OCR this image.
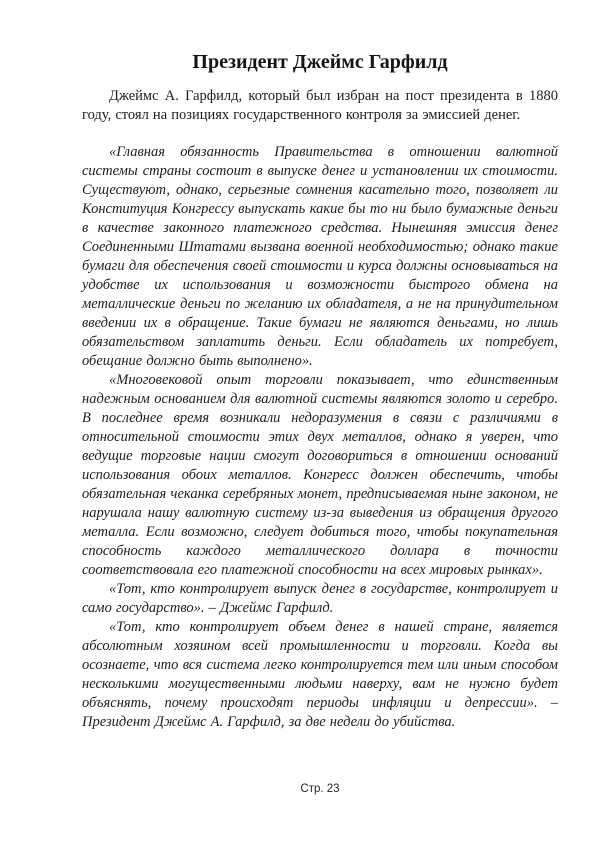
Президент Джеймс Гарфилд

Джеймс А. Гарфилд, который был избран на пост президента в 1880 году, стоял на позициях государственного контроля за эмиссией денег.

«Главная обязанность Правительства в отношении валютной системы страны состоит в выпуске денег и установлении их стоимости. Существуют, однако, серьезные сомнения касательно того, позволяет ли Конституция Конгрессу выпускать какие бы то ни было бумажные деньги в качестве законного платежного средства. Нынешняя эмиссия денег Соединенными Штатами вызвана военной необходимостью; однако такие бумаги для обеспечения своей стоимости и курса должны основываться на удобстве их использования и возможности быстрого обмена на металлические деньги по желанию их обладателя, а не на принудительном введении их в обращение. Такие бумаги не являются деньгами, но лишь обязательством заплатить деньги. Если обладатель их потребует, обещание должно быть выполнено».

«Многовековой опыт торговли показывает, что единственным надежным основанием для валютной системы являются золото и серебро. В последнее время возникали недоразумения в связи с различиями в относительной стоимости этих двух металлов, однако я уверен, что ведущие торговые нации смогут договориться в отношении оснований использования обоих металлов. Конгресс должен обеспечить, чтобы обязательная чеканка серебряных монет, предписываемая ныне законом, не нарушала нашу валютную систему из-за выведения из обращения другого металла. Если возможно, следует добиться того, чтобы покупательная способность каждого металлического доллара в точности соответствовала его платежной способности на всех мировых рынках».

«Тот, кто контролирует выпуск денег в государстве, контролирует и само государство». – Джеймс Гарфилд.

«Тот, кто контролирует объем денег в нашей стране, является абсолютным хозяином всей промышленности и торговли. Когда вы осознаете, что вся система легко контролируется тем или иным способом несколькими могущественными людьми наверху, вам не нужно будет объяснять, почему происходят периоды инфляции и депрессии». – Президент Джеймс А. Гарфилд, за две недели до убийства.

Стр. 23
